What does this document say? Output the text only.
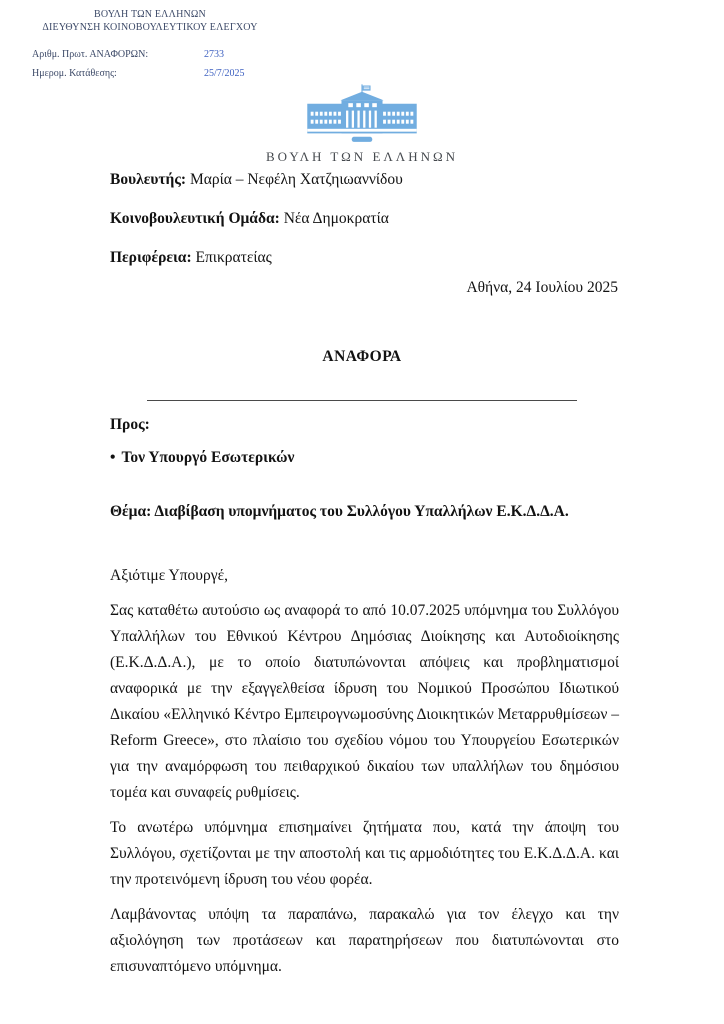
ΒΟΥΛΗ ΤΩΝ ΕΛΛΗΝΩΝ
ΔΙΕΥΘΥΝΣΗ ΚΟΙΝΟΒΟΥΛΕΥΤΙΚΟΥ ΕΛΕΓΧΟΥ
Αριθμ. Πρωτ. ΑΝΑΦΟΡΩΝ:	2733
Ημερομ. Κατάθεσης:	25/7/2025
ΒΟΥΛΗ ΤΩΝ ΕΛΛΗΝΩΝ
Βουλευτής: Μαρία – Νεφέλη Χατζηιωαννίδου
Κοινοβουλευτική Ομάδα: Νέα Δημοκρατία
Περιφέρεια: Επικρατείας
Αθήνα, 24 Ιουλίου 2025
ΑΝΑΦΟΡΑ
Προς:
• Τον Υπουργό Εσωτερικών
Θέμα: Διαβίβαση υπομνήματος του Συλλόγου Υπαλλήλων Ε.Κ.Δ.Δ.Α.
Αξιότιμε Υπουργέ,

Σας καταθέτω αυτούσιο ως αναφορά το από 10.07.2025 υπόμνημα του Συλλόγου Υπαλλήλων του Εθνικού Κέντρου Δημόσιας Διοίκησης και Αυτοδιοίκησης (Ε.Κ.Δ.Δ.Α.), με το οποίο διατυπώνονται απόψεις και προβληματισμοί αναφορικά με την εξαγγελθείσα ίδρυση του Νομικού Προσώπου Ιδιωτικού Δικαίου «Ελληνικό Κέντρο Εμπειρογνωμοσύνης Διοικητικών Μεταρρυθμίσεων – Reform Greece», στο πλαίσιο του σχεδίου νόμου του Υπουργείου Εσωτερικών για την αναμόρφωση του πειθαρχικού δικαίου των υπαλλήλων του δημόσιου τομέα και συναφείς ρυθμίσεις.

Το ανωτέρω υπόμνημα επισημαίνει ζητήματα που, κατά την άποψη του Συλλόγου, σχετίζονται με την αποστολή και τις αρμοδιότητες του Ε.Κ.Δ.Δ.Α. και την προτεινόμενη ίδρυση του νέου φορέα.

Λαμβάνοντας υπόψη τα παραπάνω, παρακαλώ για τον έλεγχο και την αξιολόγηση των προτάσεων και παρατηρήσεων που διατυπώνονται στο επισυναπτόμενο υπόμνημα.
